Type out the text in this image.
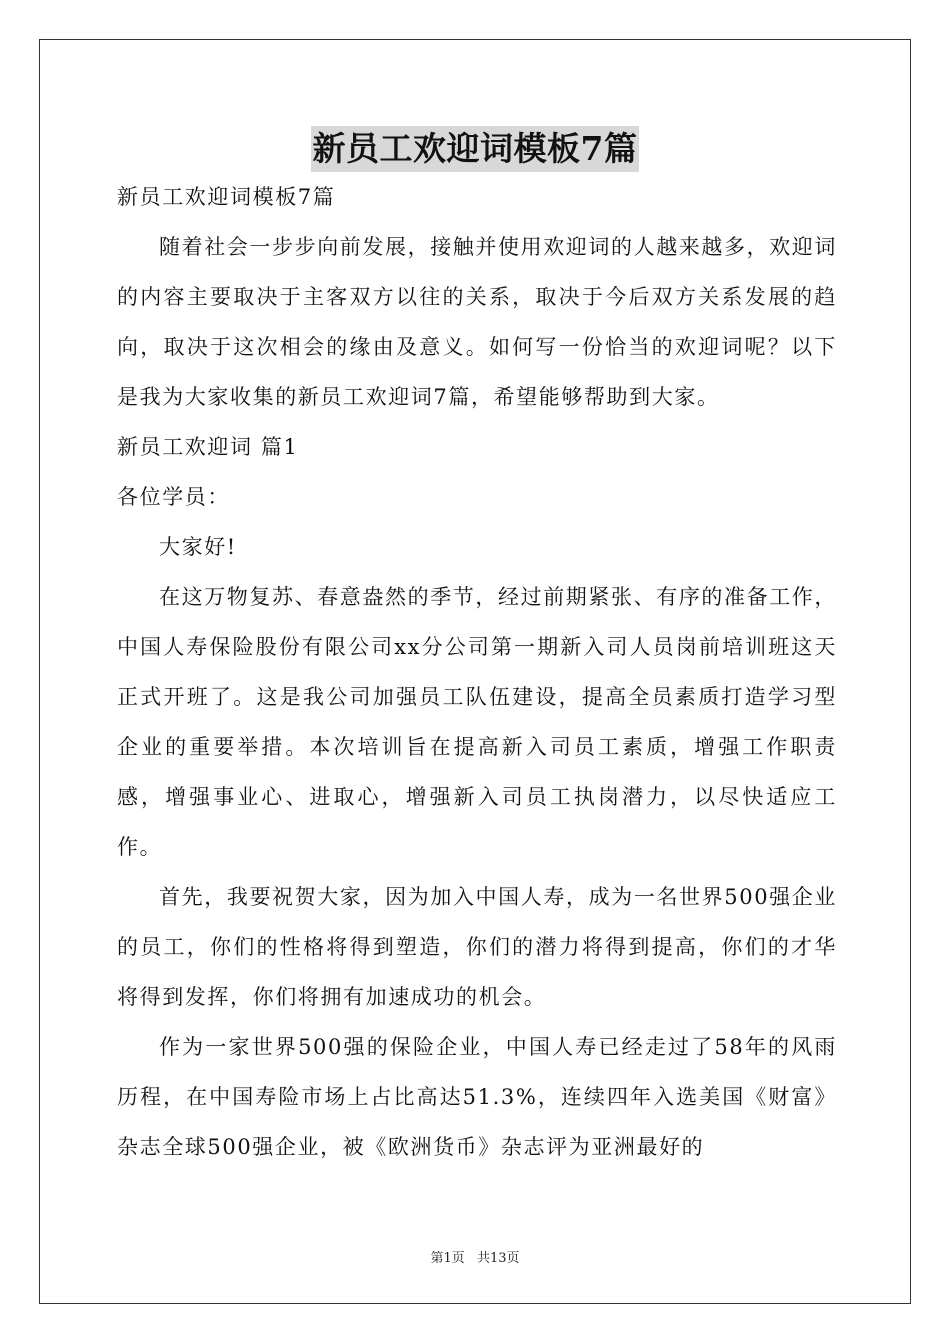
新员工欢迎词模板7篇

新员工欢迎词模板7篇

随着社会一步步向前发展，接触并使用欢迎词的人越来越多，欢迎词的内容主要取决于主客双方以往的关系，取决于今后双方关系发展的趋向，取决于这次相会的缘由及意义。如何写一份恰当的欢迎词呢？以下是我为大家收集的新员工欢迎词7篇，希望能够帮助到大家。

新员工欢迎词 篇1

各位学员：

大家好!

在这万物复苏、春意盎然的季节，经过前期紧张、有序的准备工作，中国人寿保险股份有限公司xx分公司第一期新入司人员岗前培训班这天正式开班了。这是我公司加强员工队伍建设，提高全员素质打造学习型企业的重要举措。本次培训旨在提高新入司员工素质，增强工作职责感，增强事业心、进取心，增强新入司员工执岗潜力，以尽快适应工作。

首先，我要祝贺大家，因为加入中国人寿，成为一名世界500强企业的员工，你们的性格将得到塑造，你们的潜力将得到提高，你们的才华将得到发挥，你们将拥有加速成功的机会。

作为一家世界500强的保险企业，中国人寿已经走过了58年的风雨历程，在中国寿险市场上占比高达51.3%，连续四年入选美国《财富》杂志全球500强企业，被《欧洲货币》杂志评为亚洲最好的

第1页 共13页
